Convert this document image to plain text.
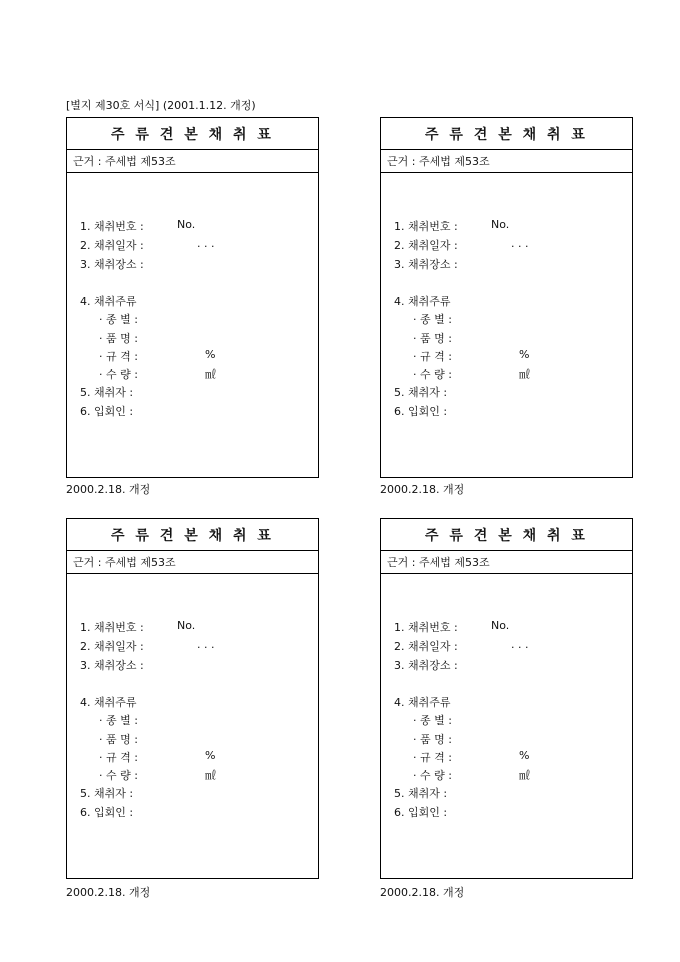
[별지 제30호 서식] (2001.1.12. 개정)
주 류 견 본 채 취 표
근거 : 주세법 제53조
1. 채취번호 :	No.
2. 채취일자 :	. . .
3. 채취장소 :
4. 채취주류
· 종 별 :
· 품 명 :
· 규 격 :	%
· 수 량 :	㎖
5. 채취자 :
6. 입회인 :
2000.2.18. 개정
주 류 견 본 채 취 표
근거 : 주세법 제53조
1. 채취번호 :	No.
2. 채취일자 :	. . .
3. 채취장소 :
4. 채취주류
· 종 별 :
· 품 명 :
· 규 격 :	%
· 수 량 :	㎖
5. 채취자 :
6. 입회인 :
2000.2.18. 개정
주 류 견 본 채 취 표
근거 : 주세법 제53조
1. 채취번호 :	No.
2. 채취일자 :	. . .
3. 채취장소 :
4. 채취주류
· 종 별 :
· 품 명 :
· 규 격 :	%
· 수 량 :	㎖
5. 채취자 :
6. 입회인 :
2000.2.18. 개정
주 류 견 본 채 취 표
근거 : 주세법 제53조
1. 채취번호 :	No.
2. 채취일자 :	. . .
3. 채취장소 :
4. 채취주류
· 종 별 :
· 품 명 :
· 규 격 :	%
· 수 량 :	㎖
5. 채취자 :
6. 입회인 :
2000.2.18. 개정
